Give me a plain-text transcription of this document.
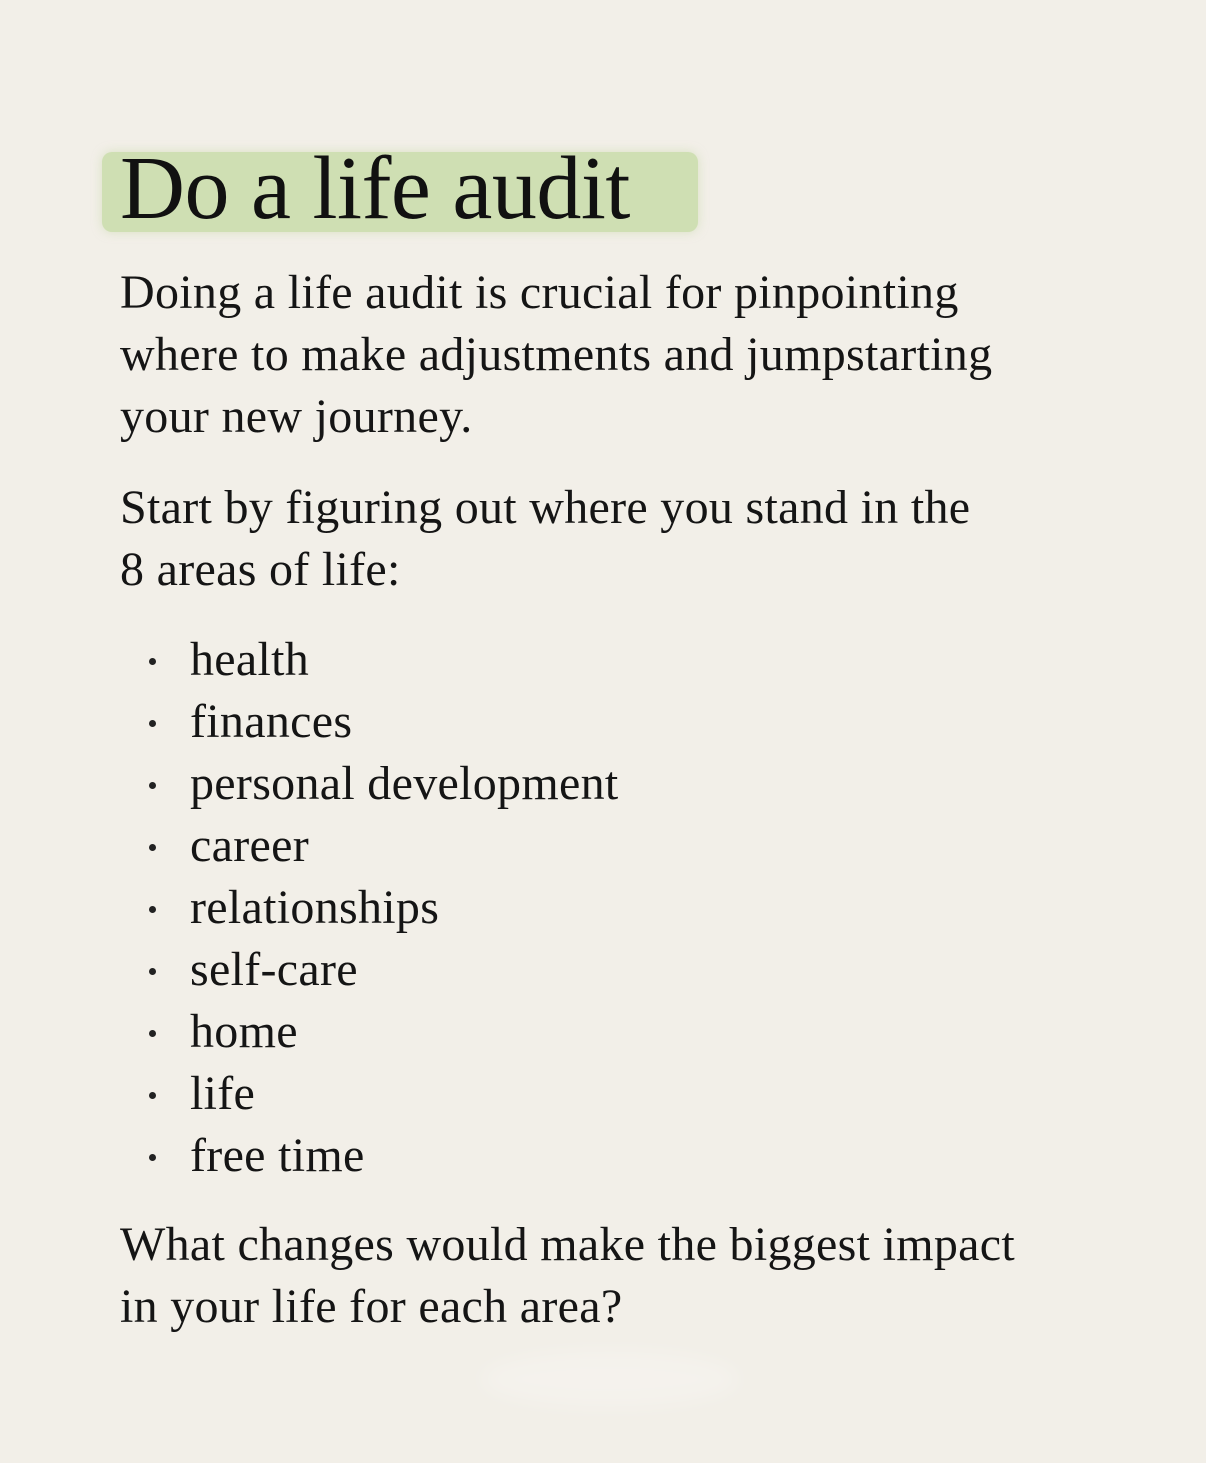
Do a life audit

Doing a life audit is crucial for pinpointing
where to make adjustments and jumpstarting
your new journey.

Start by figuring out where you stand in the
8 areas of life:

health
finances
personal development
career
relationships
self-care
home
life
free time

What changes would make the biggest impact
in your life for each area?
